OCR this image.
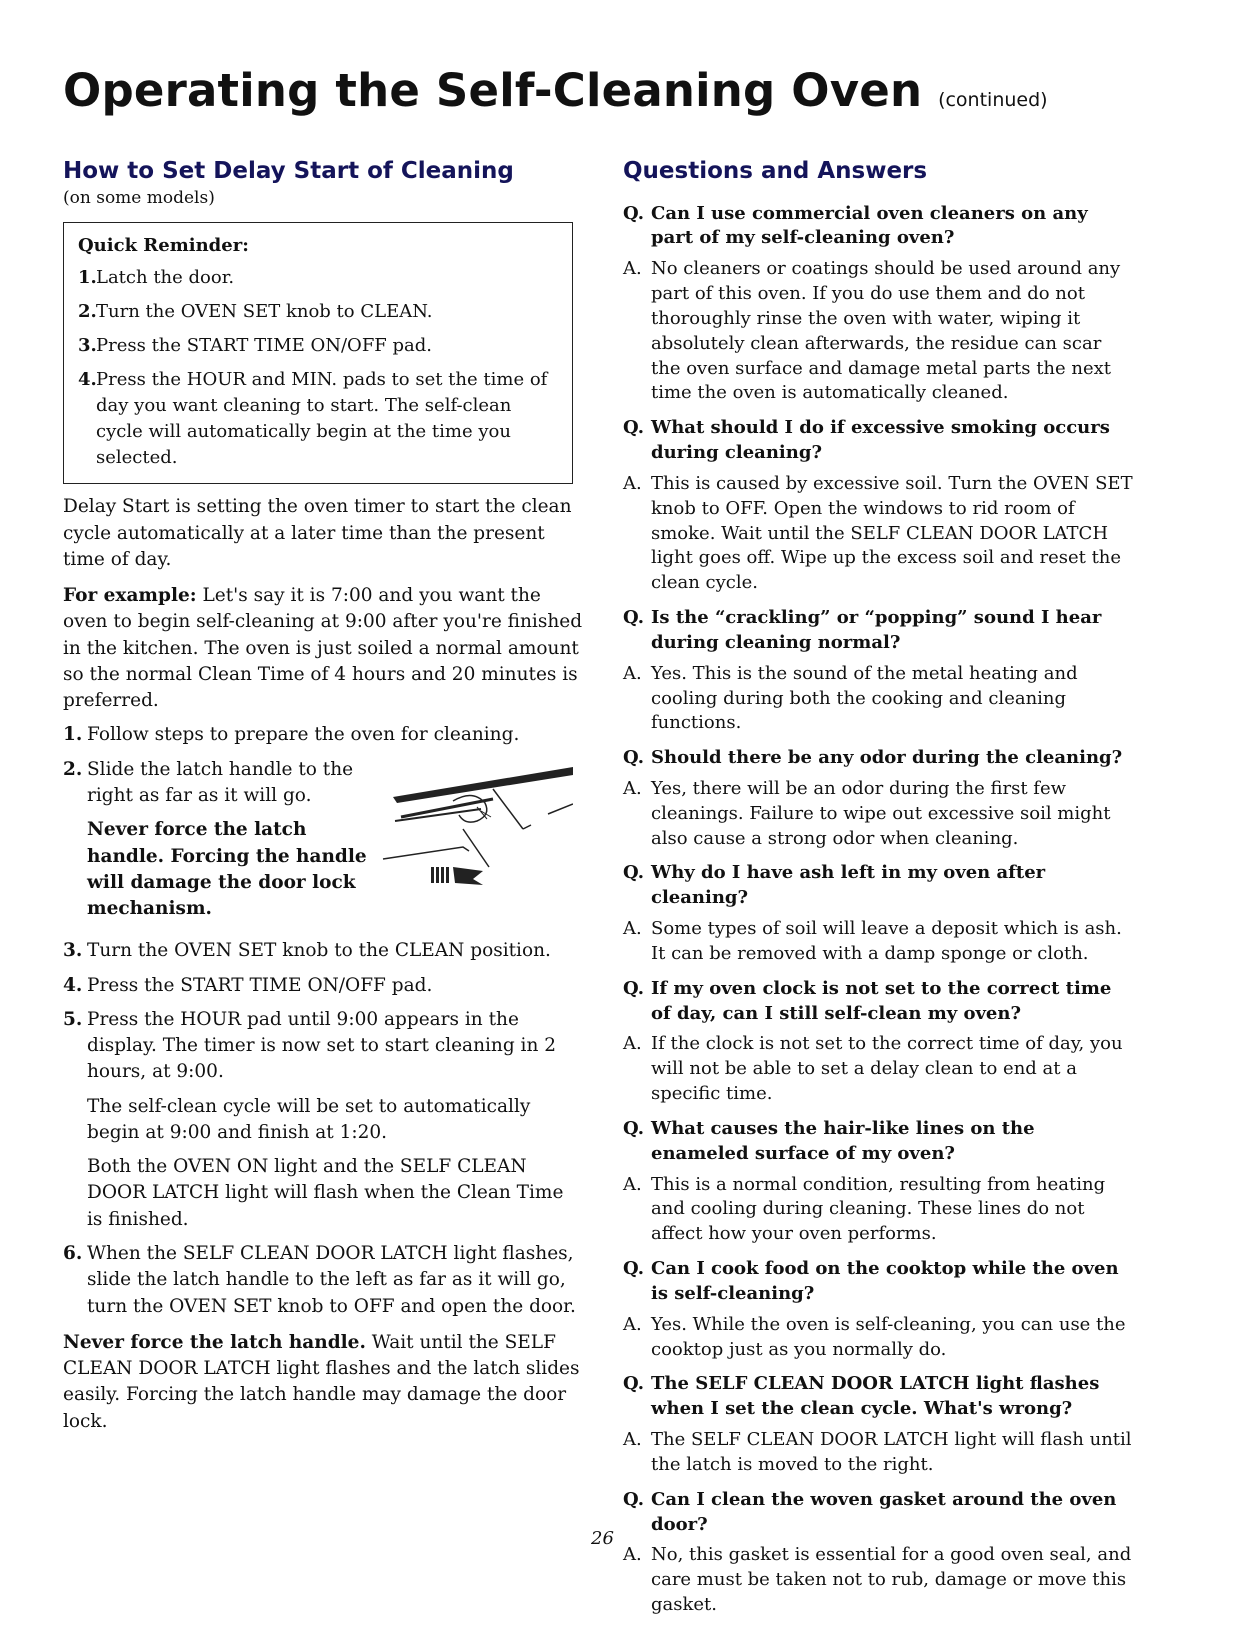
Operating the Self-Cleaning Oven (continued)
How to Set Delay Start of Cleaning
(on some models)
Quick Reminder:
1. Latch the door.
2. Turn the OVEN SET knob to CLEAN.
3. Press the START TIME ON/OFF pad.
4. Press the HOUR and MIN. pads to set the time of day you want cleaning to start. The self-clean cycle will automatically begin at the time you selected.

Delay Start is setting the oven timer to start the clean cycle automatically at a later time than the present time of day.

For example: Let's say it is 7:00 and you want the oven to begin self-cleaning at 9:00 after you're finished in the kitchen. The oven is just soiled a normal amount so the normal Clean Time of 4 hours and 20 minutes is preferred.

1. Follow steps to prepare the oven for cleaning.
2. Slide the latch handle to the right as far as it will go.

Never force the latch handle. Forcing the handle will damage the door lock mechanism.

3. Turn the OVEN SET knob to the CLEAN position.
4. Press the START TIME ON/OFF pad.
5. Press the HOUR pad until 9:00 appears in the display. The timer is now set to start cleaning in 2 hours, at 9:00.

The self-clean cycle will be set to automatically begin at 9:00 and finish at 1:20.

Both the OVEN ON light and the SELF CLEAN DOOR LATCH light will flash when the Clean Time is finished.

6. When the SELF CLEAN DOOR LATCH light flashes, slide the latch handle to the left as far as it will go, turn the OVEN SET knob to OFF and open the door.

Never force the latch handle. Wait until the SELF CLEAN DOOR LATCH light flashes and the latch slides easily. Forcing the latch handle may damage the door lock.

Questions and Answers
Q. Can I use commercial oven cleaners on any part of my self-cleaning oven?
A. No cleaners or coatings should be used around any part of this oven. If you do use them and do not thoroughly rinse the oven with water, wiping it absolutely clean afterwards, the residue can scar the oven surface and damage metal parts the next time the oven is automatically cleaned.
Q. What should I do if excessive smoking occurs during cleaning?
A. This is caused by excessive soil. Turn the OVEN SET knob to OFF. Open the windows to rid room of smoke. Wait until the SELF CLEAN DOOR LATCH light goes off. Wipe up the excess soil and reset the clean cycle.
Q. Is the “crackling” or “popping” sound I hear during cleaning normal?
A. Yes. This is the sound of the metal heating and cooling during both the cooking and cleaning functions.
Q. Should there be any odor during the cleaning?
A. Yes, there will be an odor during the first few cleanings. Failure to wipe out excessive soil might also cause a strong odor when cleaning.
Q. Why do I have ash left in my oven after cleaning?
A. Some types of soil will leave a deposit which is ash. It can be removed with a damp sponge or cloth.
Q. If my oven clock is not set to the correct time of day, can I still self-clean my oven?
A. If the clock is not set to the correct time of day, you will not be able to set a delay clean to end at a specific time.
Q. What causes the hair-like lines on the enameled surface of my oven?
A. This is a normal condition, resulting from heating and cooling during cleaning. These lines do not affect how your oven performs.
Q. Can I cook food on the cooktop while the oven is self-cleaning?
A. Yes. While the oven is self-cleaning, you can use the cooktop just as you normally do.
Q. The SELF CLEAN DOOR LATCH light flashes when I set the clean cycle. What's wrong?
A. The SELF CLEAN DOOR LATCH light will flash until the latch is moved to the right.
Q. Can I clean the woven gasket around the oven door?
A. No, this gasket is essential for a good oven seal, and care must be taken not to rub, damage or move this gasket.
26
